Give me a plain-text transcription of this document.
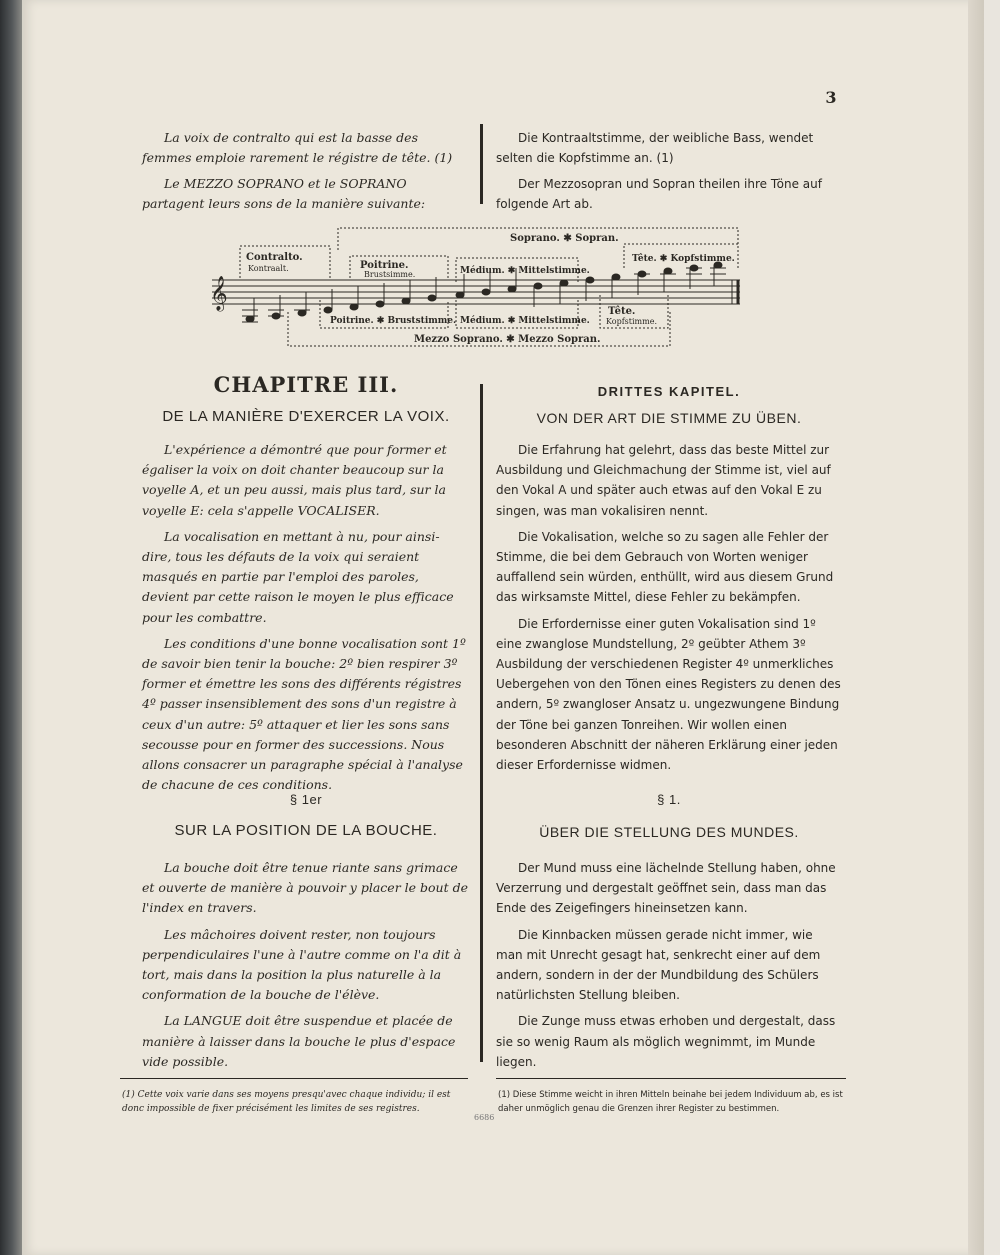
3

La voix de contralto qui est la basse des femmes emploie rarement le régistre de tête. (1)

Le MEZZO SOPRANO et le SOPRANO partagent leurs sons de la manière suivante:

Die Kontraaltstimme, der weibliche Bass, wendet selten die Kopfstimme an. (1)

Der Mezzosopran und Sopran theilen ihre Töne auf folgende Art ab.

𝄞
Soprano. ✱ Sopran.
Contralto.
Kontraalt.	Poitrine.
Brustsimme.	Médium. ✱ Mittelstimme.
Tête. ✱ Kopfstimme.
Poitrine. ✱ Bruststimme. Médium. ✱ Mittelstimme.
Tête.
Kopfstimme.
Mezzo Soprano. ✱ Mezzo Sopran.
CHAPITRE III.
DE LA MANIÈRE D'EXERCER LA VOIX.
DRITTES KAPITEL.
VON DER ART DIE STIMME ZU ÜBEN.

L'expérience a démontré que pour former et égaliser la voix on doit chanter beaucoup sur la voyelle A, et un peu aussi, mais plus tard, sur la voyelle E: cela s'appelle VOCALISER.

La vocalisation en mettant à nu, pour ainsi-dire, tous les défauts de la voix qui seraient masqués en partie par l'emploi des paroles, devient par cette raison le moyen le plus efficace pour les combattre.

Les conditions d'une bonne vocalisation sont 1º de savoir bien tenir la bouche: 2º bien respirer 3º former et émettre les sons des différents régistres 4º passer insensiblement des sons d'un registre à ceux d'un autre: 5º attaquer et lier les sons sans secousse pour en former des successions. Nous allons consacrer un paragraphe spécial à l'analyse de chacune de ces conditions.

Die Erfahrung hat gelehrt, dass das beste Mittel zur Ausbildung und Gleichmachung der Stimme ist, viel auf den Vokal A und später auch etwas auf den Vokal E zu singen, was man vokalisiren nennt.

Die Vokalisation, welche so zu sagen alle Fehler der Stimme, die bei dem Gebrauch von Worten weniger auffallend sein würden, enthüllt, wird aus diesem Grund das wirksamste Mittel, diese Fehler zu bekämpfen.

Die Erfordernisse einer guten Vokalisation sind 1º eine zwanglose Mundstellung, 2º geübter Athem 3º Ausbildung der verschiedenen Register 4º unmerkliches Uebergehen von den Tönen eines Registers zu denen des andern, 5º zwangloser Ansatz u. ungezwungene Bindung der Töne bei ganzen Tonreihen. Wir wollen einen besonderen Abschnitt der näheren Erklärung einer jeden dieser Erfordernisse widmen.

§ 1er
SUR LA POSITION DE LA BOUCHE.
§ 1.
ÜBER DIE STELLUNG DES MUNDES.

La bouche doit être tenue riante sans grimace et ouverte de manière à pouvoir y placer le bout de l'index en travers.

Les mâchoires doivent rester, non toujours perpendiculaires l'une à l'autre comme on l'a dit à tort, mais dans la position la plus naturelle à la conformation de la bouche de l'élève.

La LANGUE doit être suspendue et placée de manière à laisser dans la bouche le plus d'espace vide possible.

Der Mund muss eine lächelnde Stellung haben, ohne Verzerrung und dergestalt geöffnet sein, dass man das Ende des Zeigefingers hineinsetzen kann.

Die Kinnbacken müssen gerade nicht immer, wie man mit Unrecht gesagt hat, senkrecht einer auf dem andern, sondern in der der Mundbildung des Schülers natürlichsten Stellung bleiben.

Die Zunge muss etwas erhoben und dergestalt, dass sie so wenig Raum als möglich wegnimmt, im Munde liegen.

(1) Cette voix varie dans ses moyens presqu'avec chaque individu; il est donc impossible de fixer précisément les limites de ses registres.
(1) Diese Stimme weicht in ihren Mitteln beinahe bei jedem Individuum ab, es ist daher unmöglich genau die Grenzen ihrer Register zu bestimmen.
6686
